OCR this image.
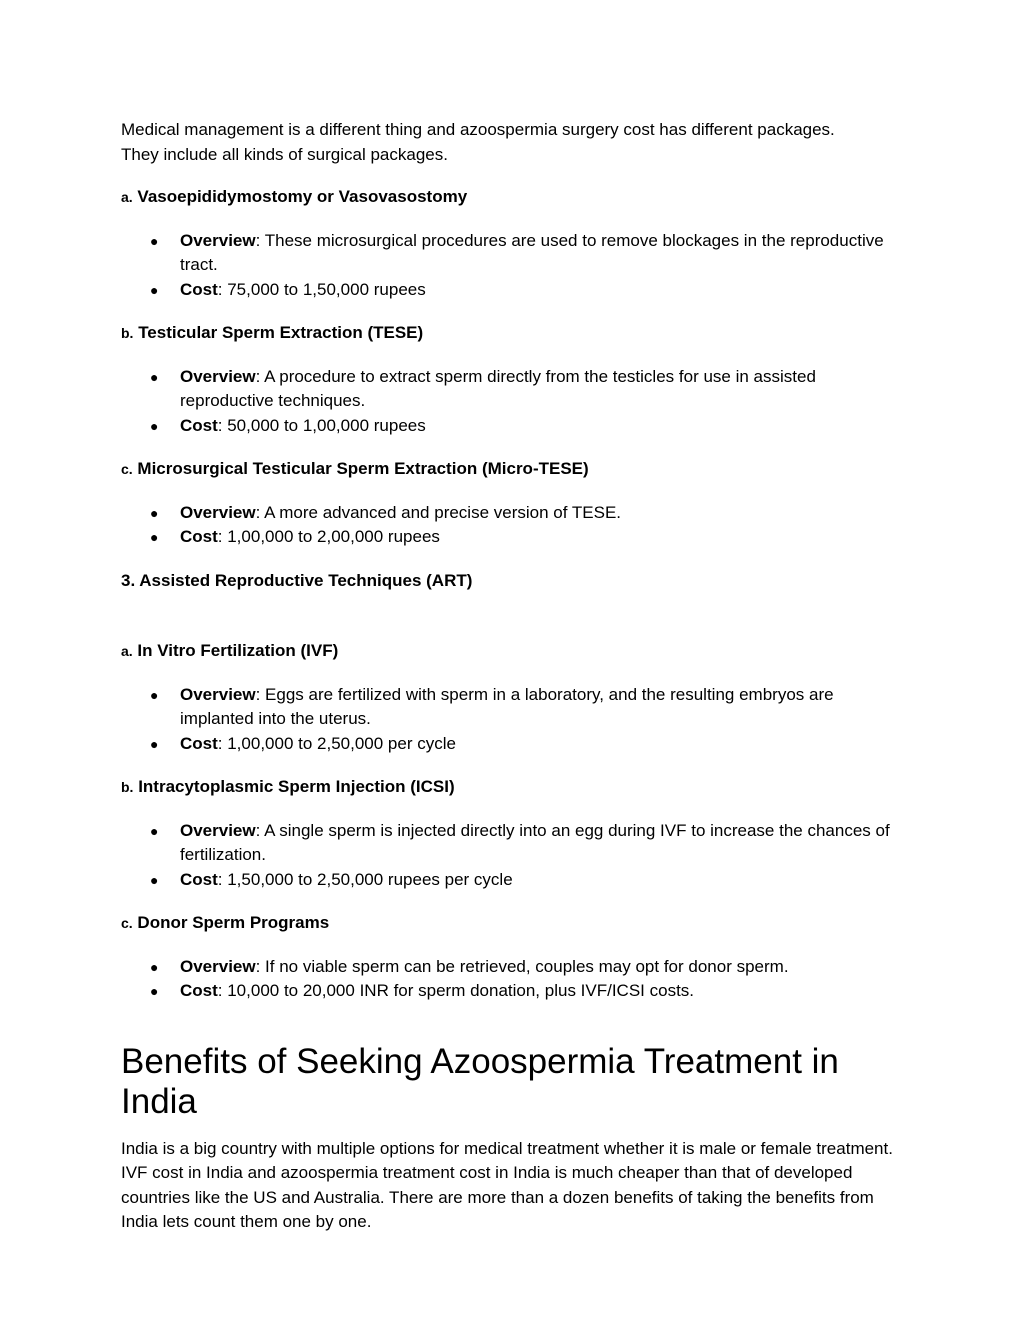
Medical management is a different thing and azoospermia surgery cost has different packages.
They include all kinds of surgical packages.

a. Vasoepididymostomy or Vasovasostomy

● Overview: These microsurgical procedures are used to remove blockages in the reproductive tract.
● Cost: 75,000 to 1,50,000 rupees

b. Testicular Sperm Extraction (TESE)

● Overview: A procedure to extract sperm directly from the testicles for use in assisted reproductive techniques.
● Cost: 50,000 to 1,00,000 rupees

c. Microsurgical Testicular Sperm Extraction (Micro-TESE)

● Overview: A more advanced and precise version of TESE.
● Cost: 1,00,000 to 2,00,000 rupees

3. Assisted Reproductive Techniques (ART)

a. In Vitro Fertilization (IVF)

● Overview: Eggs are fertilized with sperm in a laboratory, and the resulting embryos are implanted into the uterus.
● Cost: 1,00,000 to 2,50,000 per cycle

b. Intracytoplasmic Sperm Injection (ICSI)

● Overview: A single sperm is injected directly into an egg during IVF to increase the chances of fertilization.
● Cost: 1,50,000 to 2,50,000 rupees per cycle

c. Donor Sperm Programs

● Overview: If no viable sperm can be retrieved, couples may opt for donor sperm.
● Cost: 10,000 to 20,000 INR for sperm donation, plus IVF/ICSI costs.
Benefits of Seeking Azoospermia Treatment in India

India is a big country with multiple options for medical treatment whether it is male or female treatment. IVF cost in India and azoospermia treatment cost in India is much cheaper than that of developed countries like the US and Australia. There are more than a dozen benefits of taking the benefits from India lets count them one by one.
